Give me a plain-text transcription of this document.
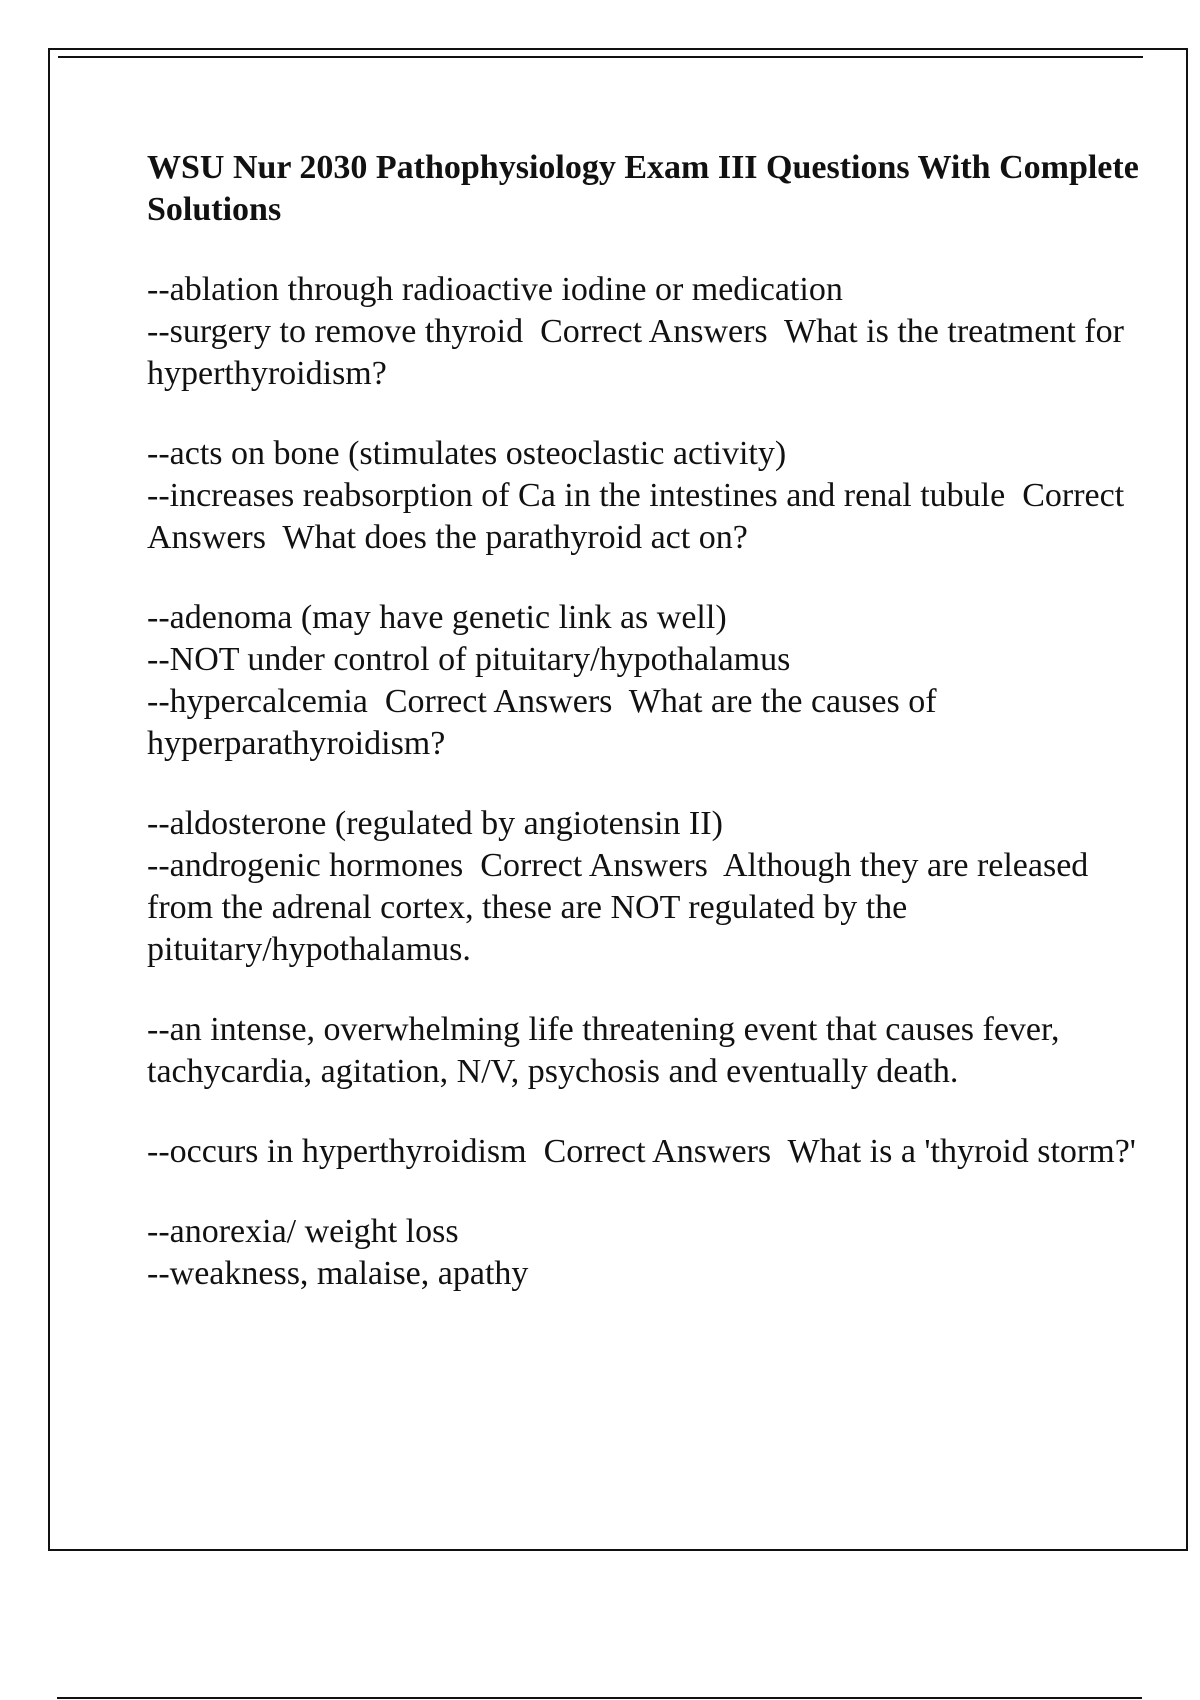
WSU Nur 2030 Pathophysiology Exam III Questions With Complete Solutions
--ablation through radioactive iodine or medication
--surgery to remove thyroid  Correct Answers  What is the treatment for hyperthyroidism?
--acts on bone (stimulates osteoclastic activity)
--increases reabsorption of Ca in the intestines and renal tubule  Correct Answers  What does the parathyroid act on?
--adenoma (may have genetic link as well)
--NOT under control of pituitary/hypothalamus
--hypercalcemia  Correct Answers  What are the causes of hyperparathyroidism?
--aldosterone (regulated by angiotensin II)
--androgenic hormones  Correct Answers  Although they are released from the adrenal cortex, these are NOT regulated by the pituitary/hypothalamus.
--an intense, overwhelming life threatening event that causes fever, tachycardia, agitation, N/V, psychosis and eventually death.
--occurs in hyperthyroidism  Correct Answers  What is a 'thyroid storm?'
--anorexia/ weight loss
--weakness, malaise, apathy
